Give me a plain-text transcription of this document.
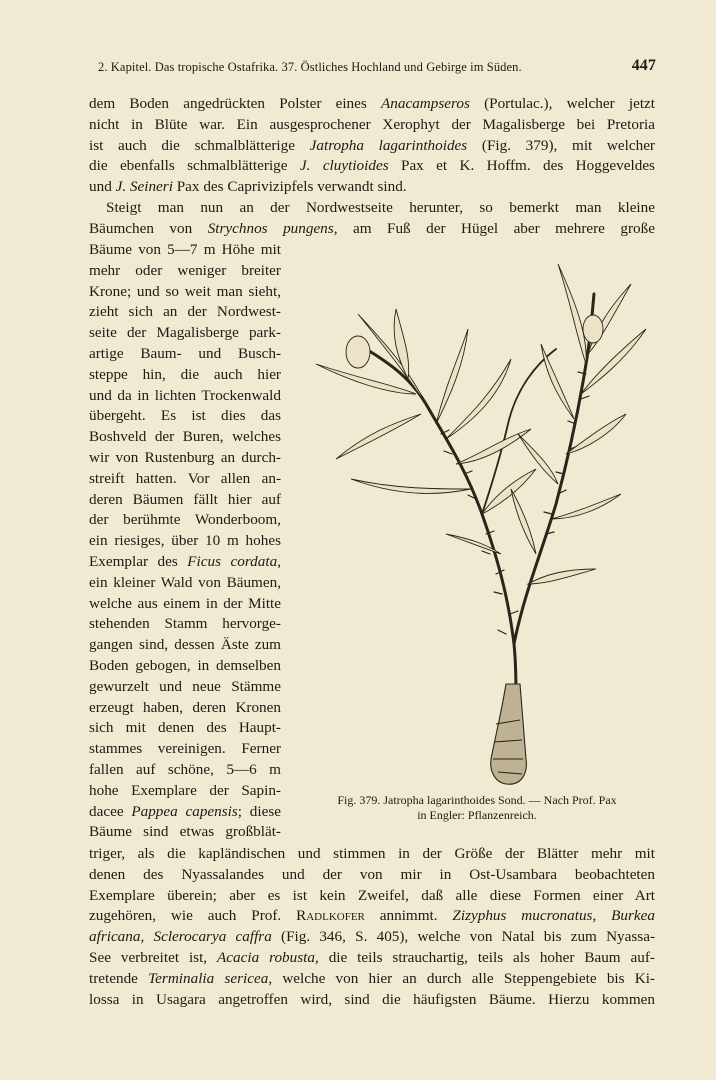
2. Kapitel. Das tropische Ostafrika. 37. Östliches Hochland und Gebirge im Süden.	447
dem Boden angedrückten Polster eines Anacampseros (Portulac.), welcher jetzt
nicht in Blüte war. Ein ausgesprochener Xerophyt der Magalisberge bei Pretoria
ist auch die schmalblätterige Jatropha lagarinthoides (Fig. 379), mit welcher
die ebenfalls schmalblätterige J. cluytioides Pax et K. Hoffm. des Hoggeveldes
und J. Seineri Pax des Caprivizipfels verwandt sind.
Steigt man nun an der Nordwestseite herunter, so bemerkt man kleine
Bäumchen von Strychnos pungens, am Fuß der Hügel aber mehrere große
Bäume von 5—7 m Höhe mit
mehr oder weniger breiter
Krone; und so weit man sieht,
zieht sich an der Nordwest-
seite der Magalisberge park-
artige Baum- und Busch-
steppe hin, die auch hier
und da in lichten Trockenwald
übergeht. Es ist dies das
Boshveld der Buren, welches
wir von Rustenburg an durch-
streift hatten. Vor allen an-
deren Bäumen fällt hier auf
der berühmte Wonderboom,
ein riesiges, über 10 m hohes
Exemplar des Ficus cordata,
ein kleiner Wald von Bäumen,
welche aus einem in der Mitte
stehenden Stamm hervorge-
gangen sind, dessen Äste zum
Boden gebogen, in demselben
gewurzelt und neue Stämme
erzeugt haben, deren Kronen
sich mit denen des Haupt-
stammes vereinigen. Ferner
fallen auf schöne, 5—6 m
hohe Exemplare der Sapin-
dacee Pappea capensis; diese
Bäume sind etwas großblät-
triger, als die kapländischen und stimmen in der Größe der Blätter mehr mit
denen des Nyassalandes und der von mir in Ost-Usambara beobachteten
Exemplare überein; aber es ist kein Zweifel, daß alle diese Formen einer Art
zugehören, wie auch Prof. Radlkofer annimmt. Zizyphus mucronatus, Burkea
africana, Sclerocarya caffra (Fig. 346, S. 405), welche von Natal bis zum Nyassa-
See verbreitet ist, Acacia robusta, die teils strauchartig, teils als hoher Baum auf-
tretende Terminalia sericea, welche von hier an durch alle Steppengebiete bis Ki-
lossa in Usagara angetroffen wird, sind die häufigsten Bäume. Hierzu kommen
Fig. 379. Jatropha lagarinthoides Sond. — Nach Prof. Pax
in Engler: Pflanzenreich.
